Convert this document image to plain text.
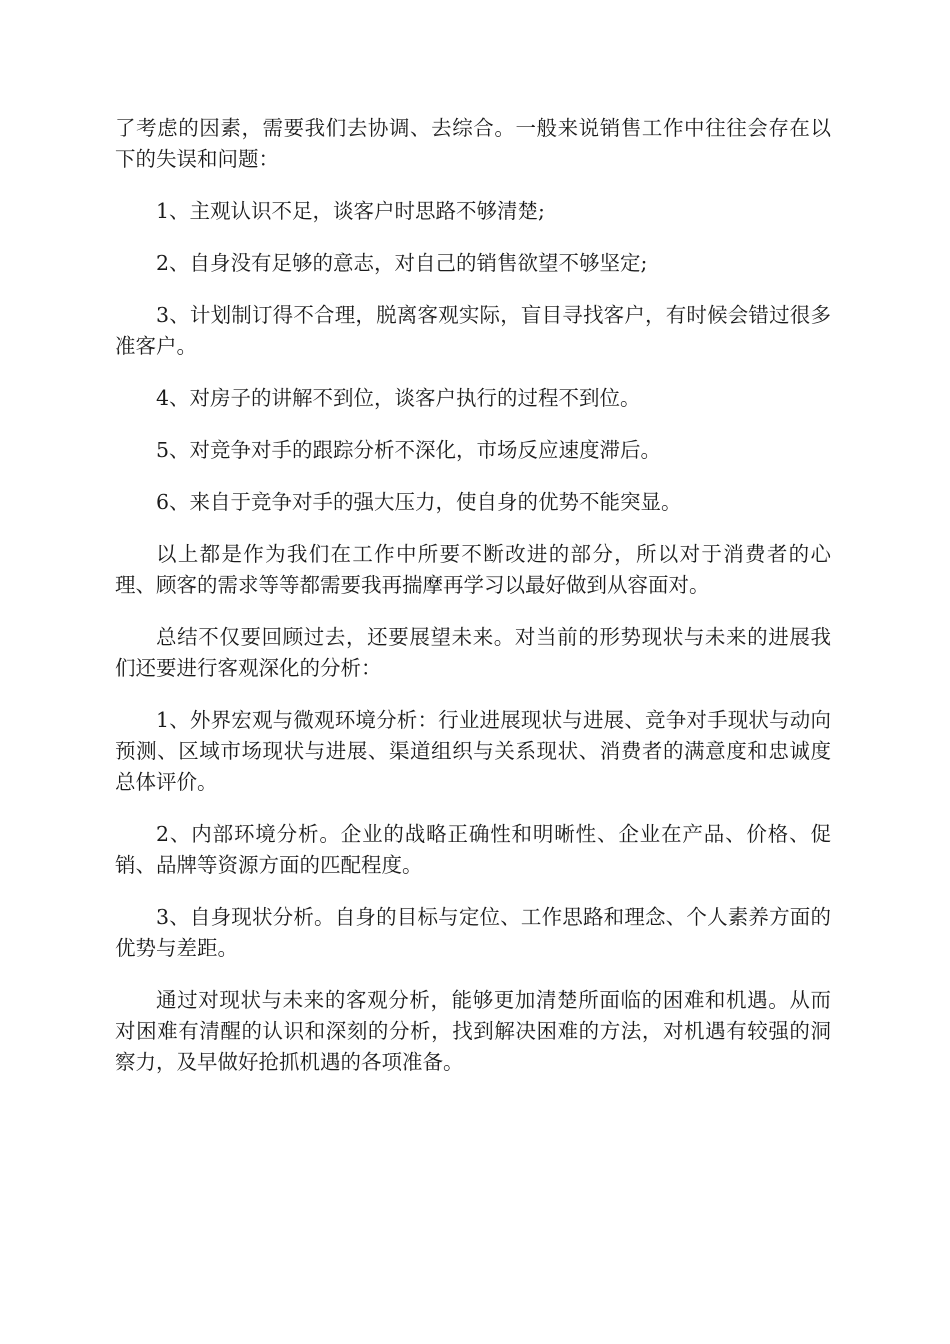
了考虑的因素，需要我们去协调、去综合。一般来说销售工作中往往会存在以下的失误和问题：

1、主观认识不足，谈客户时思路不够清楚;

2、自身没有足够的意志，对自己的销售欲望不够坚定;

3、计划制订得不合理，脱离客观实际，盲目寻找客户，有时候会错过很多准客户。

4、对房子的讲解不到位，谈客户执行的过程不到位。

5、对竞争对手的跟踪分析不深化，市场反应速度滞后。

6、来自于竞争对手的强大压力，使自身的优势不能突显。

以上都是作为我们在工作中所要不断改进的部分，所以对于消费者的心理、顾客的需求等等都需要我再揣摩再学习以最好做到从容面对。

总结不仅要回顾过去，还要展望未来。对当前的形势现状与未来的进展我们还要进行客观深化的分析：

1、外界宏观与微观环境分析：行业进展现状与进展、竞争对手现状与动向预测、区域市场现状与进展、渠道组织与关系现状、消费者的满意度和忠诚度总体评价。

2、内部环境分析。企业的战略正确性和明晰性、企业在产品、价格、促销、品牌等资源方面的匹配程度。

3、自身现状分析。自身的目标与定位、工作思路和理念、个人素养方面的优势与差距。

通过对现状与未来的客观分析，能够更加清楚所面临的困难和机遇。从而对困难有清醒的认识和深刻的分析，找到解决困难的方法，对机遇有较强的洞察力，及早做好抢抓机遇的各项准备。
